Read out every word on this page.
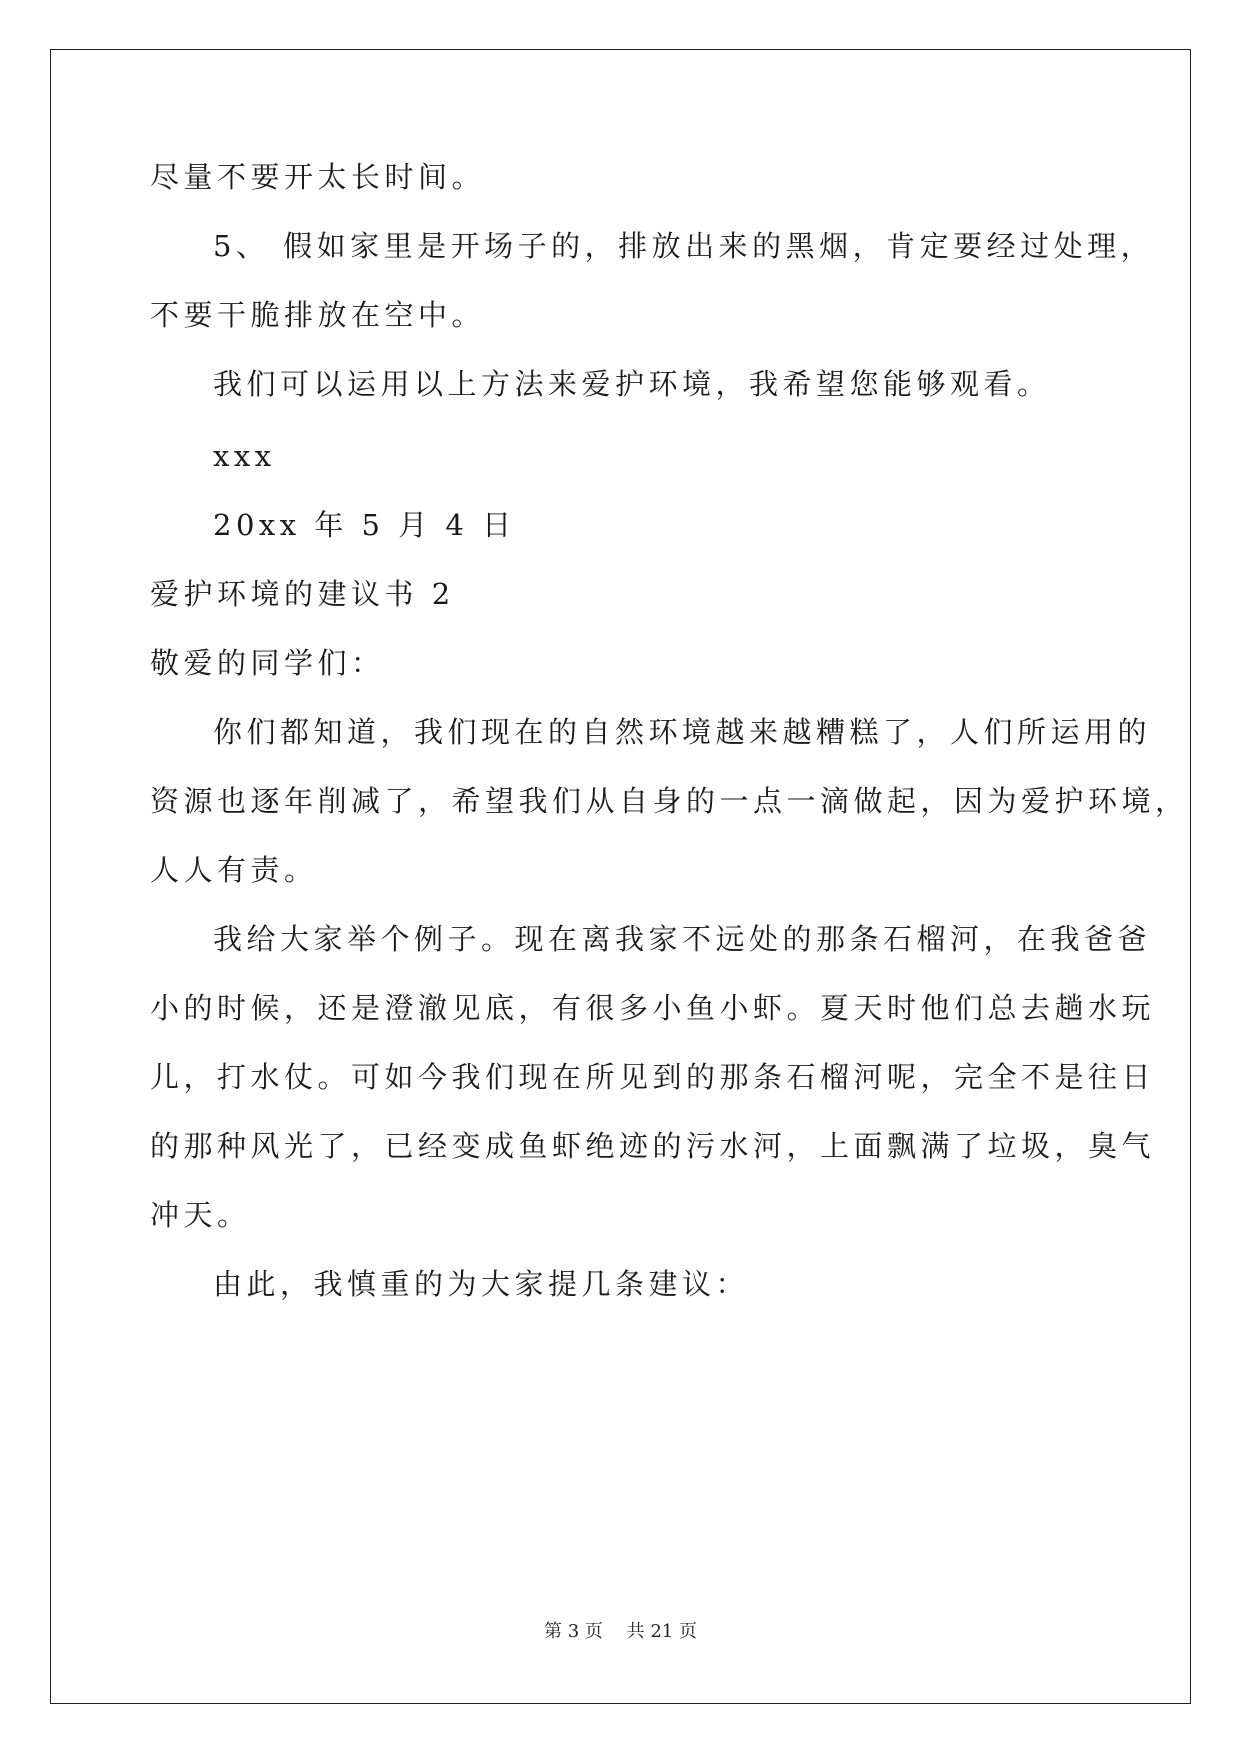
尽量不要开太长时间。
5、 假如家里是开场子的，排放出来的黑烟，肯定要经过处理，
不要干脆排放在空中。
我们可以运用以上方法来爱护环境，我希望您能够观看。
xxx
20xx 年 5 月 4 日
爱护环境的建议书 2
敬爱的同学们：
你们都知道，我们现在的自然环境越来越糟糕了，人们所运用的
资源也逐年削减了，希望我们从自身的一点一滴做起，因为爱护环境，
人人有责。
我给大家举个例子。现在离我家不远处的那条石榴河，在我爸爸
小的时候，还是澄澈见底，有很多小鱼小虾。夏天时他们总去趟水玩
儿，打水仗。可如今我们现在所见到的那条石榴河呢，完全不是往日
的那种风光了，已经变成鱼虾绝迹的污水河，上面飘满了垃圾，臭气
冲天。
由此，我慎重的为大家提几条建议：
第 3 页　 共 21 页
